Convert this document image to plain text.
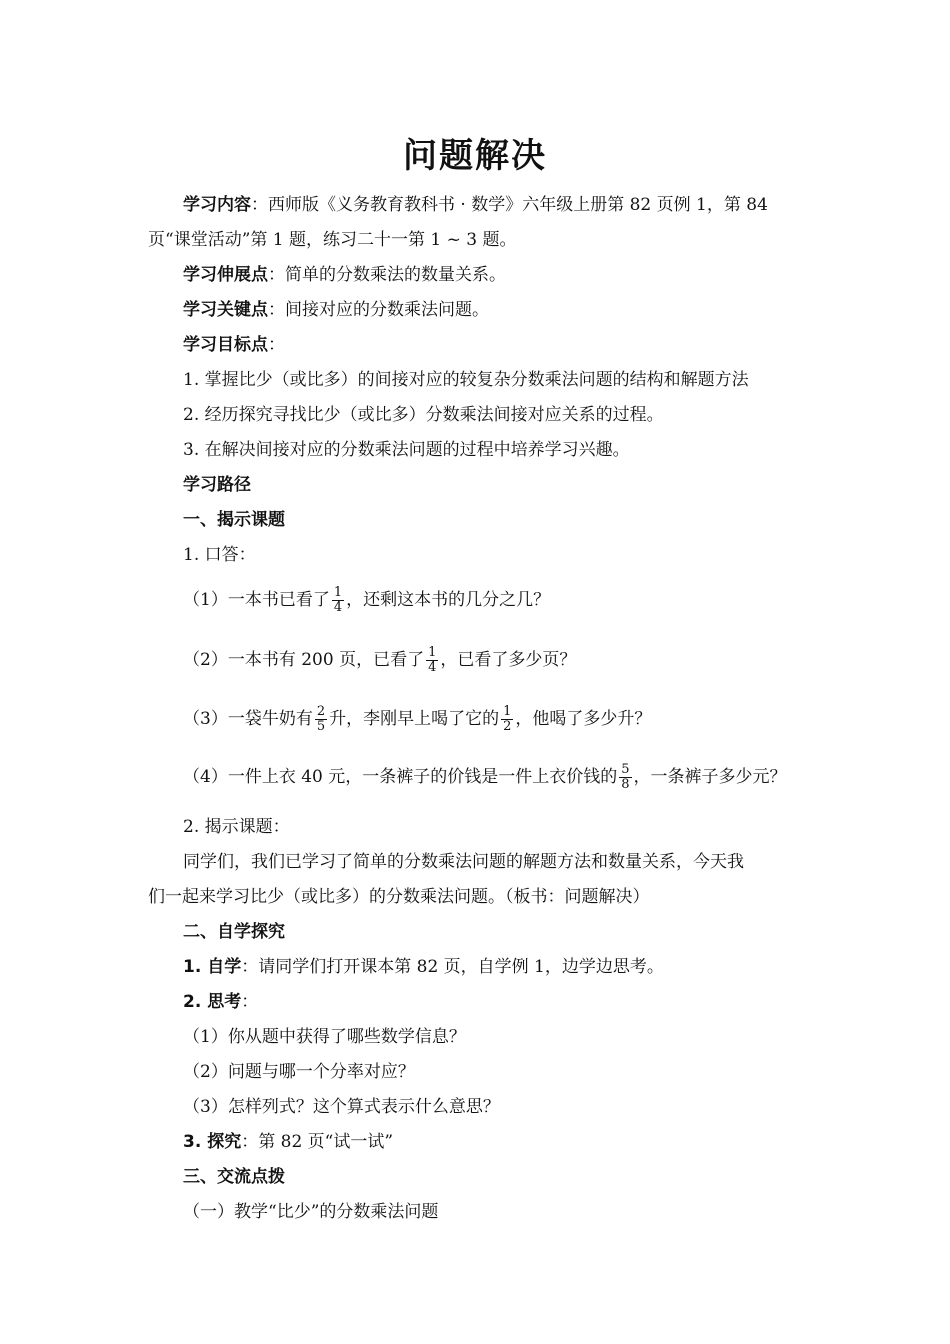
问题解决
学习内容：西师版《义务教育教科书 · 数学》六年级上册第 82 页例 1，第 84
页“课堂活动”第 1 题，练习二十一第 1 ~ 3 题。
学习伸展点：简单的分数乘法的数量关系。
学习关键点：间接对应的分数乘法问题。
学习目标点：
1. 掌握比少（或比多）的间接对应的较复杂分数乘法问题的结构和解题方法
2. 经历探究寻找比少（或比多）分数乘法间接对应关系的过程。
3. 在解决间接对应的分数乘法问题的过程中培养学习兴趣。
学习路径
一、揭示课题
1. 口答：
（1）一本书已看了 $\frac{1}{4}$ ，还剩这本书的几分之几？
（2）一本书有 200 页，已看了 $\frac{1}{4}$ ，已看了多少页？
（3）一袋牛奶有 $\frac{2}{5}$ 升，李刚早上喝了它的 $\frac{1}{2}$ ，他喝了多少升？
（4）一件上衣 40 元，一条裤子的价钱是一件上衣价钱的 $\frac{5}{8}$ ，一条裤子多少元？
2. 揭示课题：
同学们，我们已学习了简单的分数乘法问题的解题方法和数量关系，今天我
们一起来学习比少（或比多）的分数乘法问题。（板书：问题解决）
二、自学探究
1. 自学：请同学们打开课本第 82 页，自学例 1，边学边思考。
2. 思考：
（1）你从题中获得了哪些数学信息？
（2）问题与哪一个分率对应？
（3）怎样列式？这个算式表示什么意思？
3. 探究：第 82 页“试一试”
三、交流点拨
（一）教学“比少”的分数乘法问题
